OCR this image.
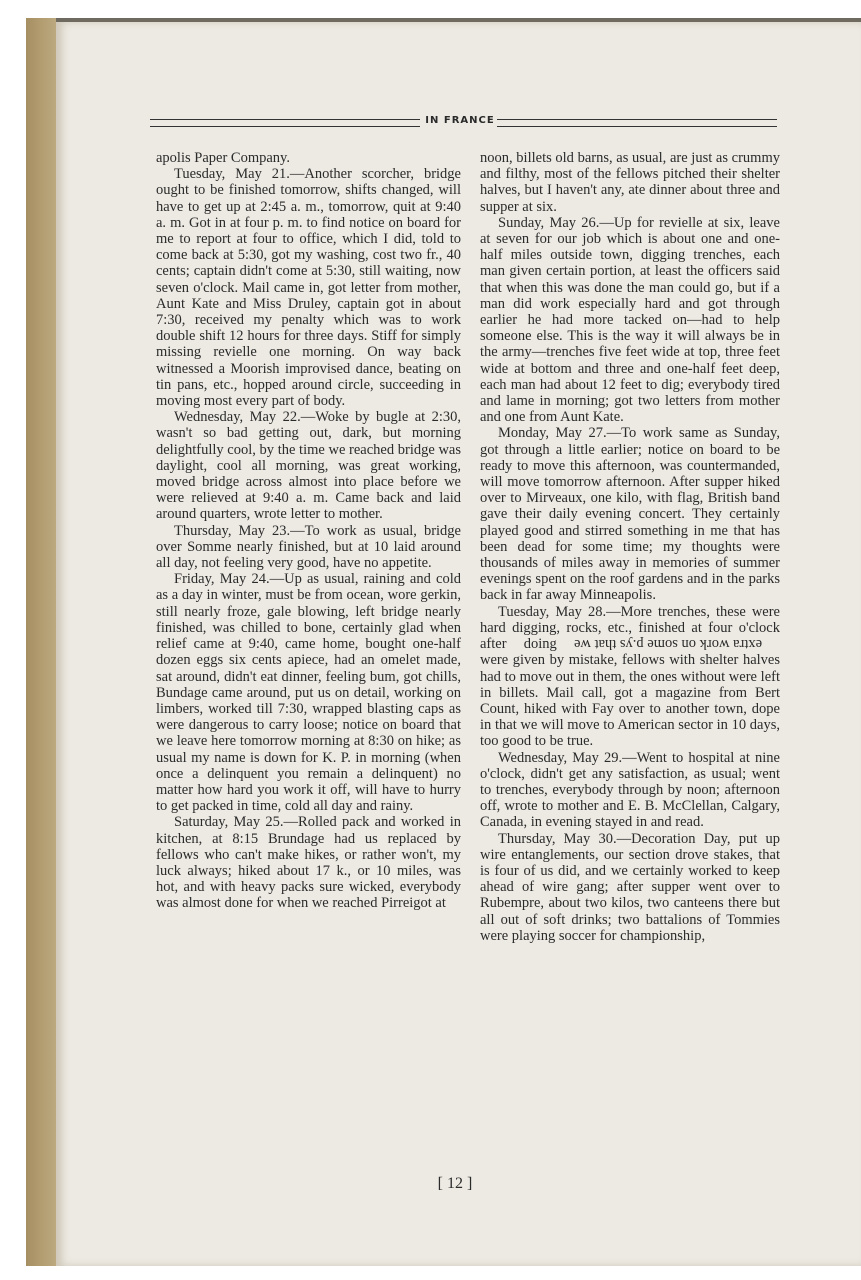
IN FRANCE

apolis Paper Company.

Tuesday, May 21.—Another scorcher, bridge ought to be finished tomorrow, shifts changed, will have to get up at 2:45 a. m., tomorrow, quit at 9:40 a. m. Got in at four p. m. to find notice on board for me to report at four to office, which I did, told to come back at 5:30, got my washing, cost two fr., 40 cents; captain didn't come at 5:30, still waiting, now seven o'clock. Mail came in, got letter from mother, Aunt Kate and Miss Druley, captain got in about 7:30, received my penalty which was to work double shift 12 hours for three days. Stiff for simply missing revielle one morning. On way back witnessed a Moorish improvised dance, beating on tin pans, etc., hopped around circle, succeeding in moving most every part of body.

Wednesday, May 22.—Woke by bugle at 2:30, wasn't so bad getting out, dark, but morning delightfully cool, by the time we reached bridge was daylight, cool all morning, was great working, moved bridge across almost into place before we were relieved at 9:40 a. m. Came back and laid around quarters, wrote letter to mother.

Thursday, May 23.—To work as usual, bridge over Somme nearly finished, but at 10 laid around all day, not feeling very good, have no appetite.

Friday, May 24.—Up as usual, raining and cold as a day in winter, must be from ocean, wore gerkin, still nearly froze, gale blowing, left bridge nearly finished, was chilled to bone, certainly glad when relief came at 9:40, came home, bought one-half dozen eggs six cents apiece, had an omelet made, sat around, didn't eat dinner, feeling bum, got chills, Bundage came around, put us on detail, working on limbers, worked till 7:30, wrapped blasting caps as were dangerous to carry loose; notice on board that we leave here tomorrow morning at 8:30 on hike; as usual my name is down for K. P. in morning (when once a delinquent you remain a delinquent) no matter how hard you work it off, will have to hurry to get packed in time, cold all day and rainy.

Saturday, May 25.—Rolled pack and worked in kitchen, at 8:15 Brundage had us replaced by fellows who can't make hikes, or rather won't, my luck always; hiked about 17 k., or 10 miles, was hot, and with heavy packs sure wicked, everybody was almost done for when we reached Pirreigot at

noon, billets old barns, as usual, are just as crummy and filthy, most of the fellows pitched their shelter halves, but I haven't any, ate dinner about three and supper at six.

Sunday, May 26.—Up for revielle at six, leave at seven for our job which is about one and one-half miles outside town, digging trenches, each man given certain portion, at least the officers said that when this was done the man could go, but if a man did work especially hard and got through earlier he had more tacked on—had to help someone else. This is the way it will always be in the army—trenches five feet wide at top, three feet wide at bottom and three and one-half feet deep, each man had about 12 feet to dig; everybody tired and lame in morning; got two letters from mother and one from Aunt Kate.

Monday, May 27.—To work same as Sunday, got through a little earlier; notice on board to be ready to move this afternoon, was countermanded, will move tomorrow afternoon. After supper hiked over to Mirveaux, one kilo, with flag, British band gave their daily evening concert. They certainly played good and stirred something in me that has been dead for some time; my thoughts were thousands of miles away in memories of summer evenings spent on the roof gardens and in the parks back in far away Minneapolis.

Tuesday, May 28.—More trenches, these were hard digging, rocks, etc., finished at four o'clock after doing extra work on some p.ys that we were given by mistake, fellows with shelter halves had to move out in them, the ones without were left in billets. Mail call, got a magazine from Bert Count, hiked with Fay over to another town, dope in that we will move to American sector in 10 days, too good to be true.

Wednesday, May 29.—Went to hospital at nine o'clock, didn't get any satisfaction, as usual; went to trenches, everybody through by noon; afternoon off, wrote to mother and E. B. McClellan, Calgary, Canada, in evening stayed in and read.

Thursday, May 30.—Decoration Day, put up wire entanglements, our section drove stakes, that is four of us did, and we certainly worked to keep ahead of wire gang; after supper went over to Rubempre, about two kilos, two canteens there but all out of soft drinks; two battalions of Tommies were playing soccer for championship,

[ 12 ]
